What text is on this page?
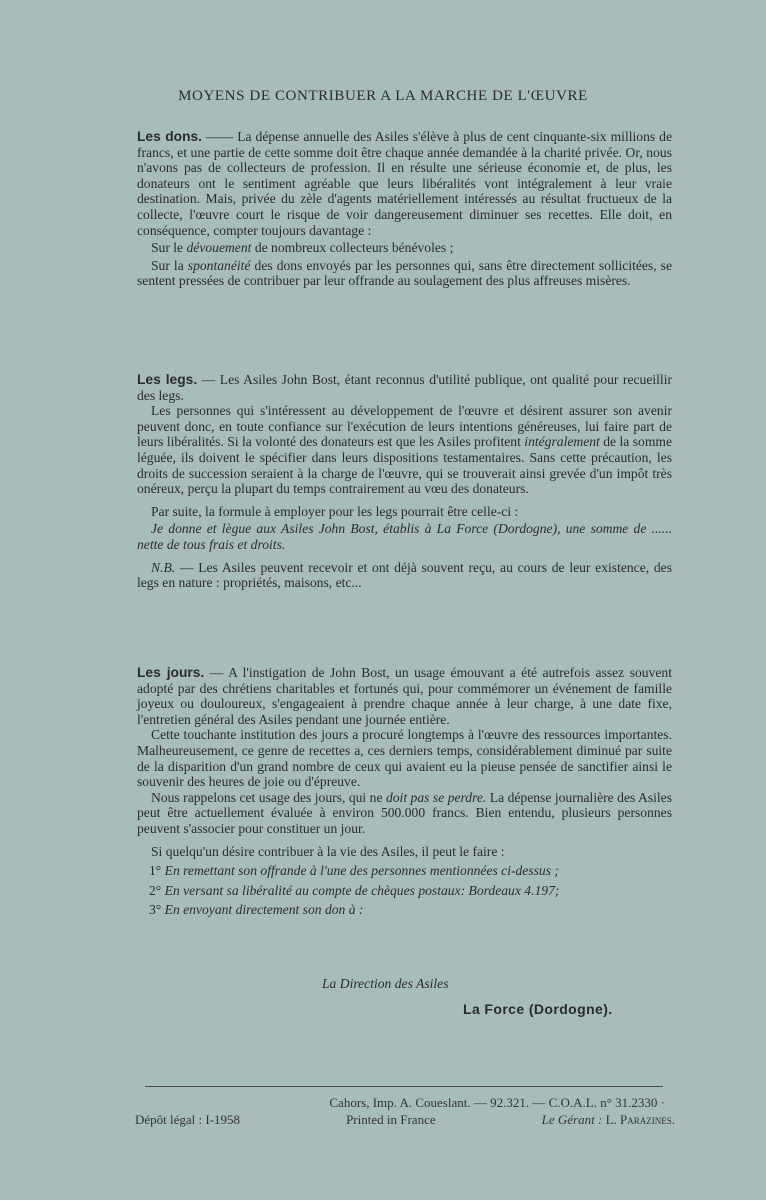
MOYENS DE CONTRIBUER A LA MARCHE DE L'ŒUVRE

Les dons. —— La dépense annuelle des Asiles s'élève à plus de cent cinquante-six millions de francs, et une partie de cette somme doit être chaque année demandée à la charité privée. Or, nous n'avons pas de collecteurs de profession. Il en résulte une sérieuse économie et, de plus, les donateurs ont le sentiment agréable que leurs libéralités vont intégralement à leur vraie destination. Mais, privée du zèle d'agents matériellement intéressés au résultat fructueux de la collecte, l'œuvre court le risque de voir dangereusement diminuer ses recettes. Elle doit, en conséquence, compter toujours davantage :

Sur le dévouement de nombreux collecteurs bénévoles ;

Sur la spontanéité des dons envoyés par les personnes qui, sans être directement sollicitées, se sentent pressées de contribuer par leur offrande au soulagement des plus affreuses misères.

Les legs. — Les Asiles John Bost, étant reconnus d'utilité publique, ont qualité pour recueillir des legs.

Les personnes qui s'intéressent au développement de l'œuvre et désirent assurer son avenir peuvent donc, en toute confiance sur l'exécution de leurs intentions généreuses, lui faire part de leurs libéralités. Si la volonté des donateurs est que les Asiles profitent intégralement de la somme léguée, ils doivent le spécifier dans leurs dispositions testamentaires. Sans cette précaution, les droits de succession seraient à la charge de l'œuvre, qui se trouverait ainsi grevée d'un impôt très onéreux, perçu la plupart du temps contrairement au vœu des donateurs.

Par suite, la formule à employer pour les legs pourrait être celle-ci :

Je donne et lègue aux Asiles John Bost, établis à La Force (Dordogne), une somme de ...... nette de tous frais et droits.

N.B. — Les Asiles peuvent recevoir et ont déjà souvent reçu, au cours de leur existence, des legs en nature : propriétés, maisons, etc...

Les jours. — A l'instigation de John Bost, un usage émouvant a été autrefois assez souvent adopté par des chrétiens charitables et fortunés qui, pour commémorer un événement de famille joyeux ou douloureux, s'engageaient à prendre chaque année à leur charge, à une date fixe, l'entretien général des Asiles pendant une journée entière.

Cette touchante institution des jours a procuré longtemps à l'œuvre des ressources importantes. Malheureusement, ce genre de recettes a, ces derniers temps, considérablement diminué par suite de la disparition d'un grand nombre de ceux qui avaient eu la pieuse pensée de sanctifier ainsi le souvenir des heures de joie ou d'épreuve.

Nous rappelons cet usage des jours, qui ne doit pas se perdre. La dépense journalière des Asiles peut être actuellement évaluée à environ 500.000 francs. Bien entendu, plusieurs personnes peuvent s'associer pour constituer un jour.

Si quelqu'un désire contribuer à la vie des Asiles, il peut le faire :

1° En remettant son offrande à l'une des personnes mentionnées ci-dessus ;
2° En versant sa libéralité au compte de chèques postaux: Bordeaux 4.197;
3° En envoyant directement son don à :
La Direction des Asiles
La Force (Dordogne).
Cahors, Imp. A. Coueslant. — 92.321. — C.O.A.L. n° 31.2330 ·
Dépôt légal : I-1958	Printed in France	Le Gérant : L. Parazines.
